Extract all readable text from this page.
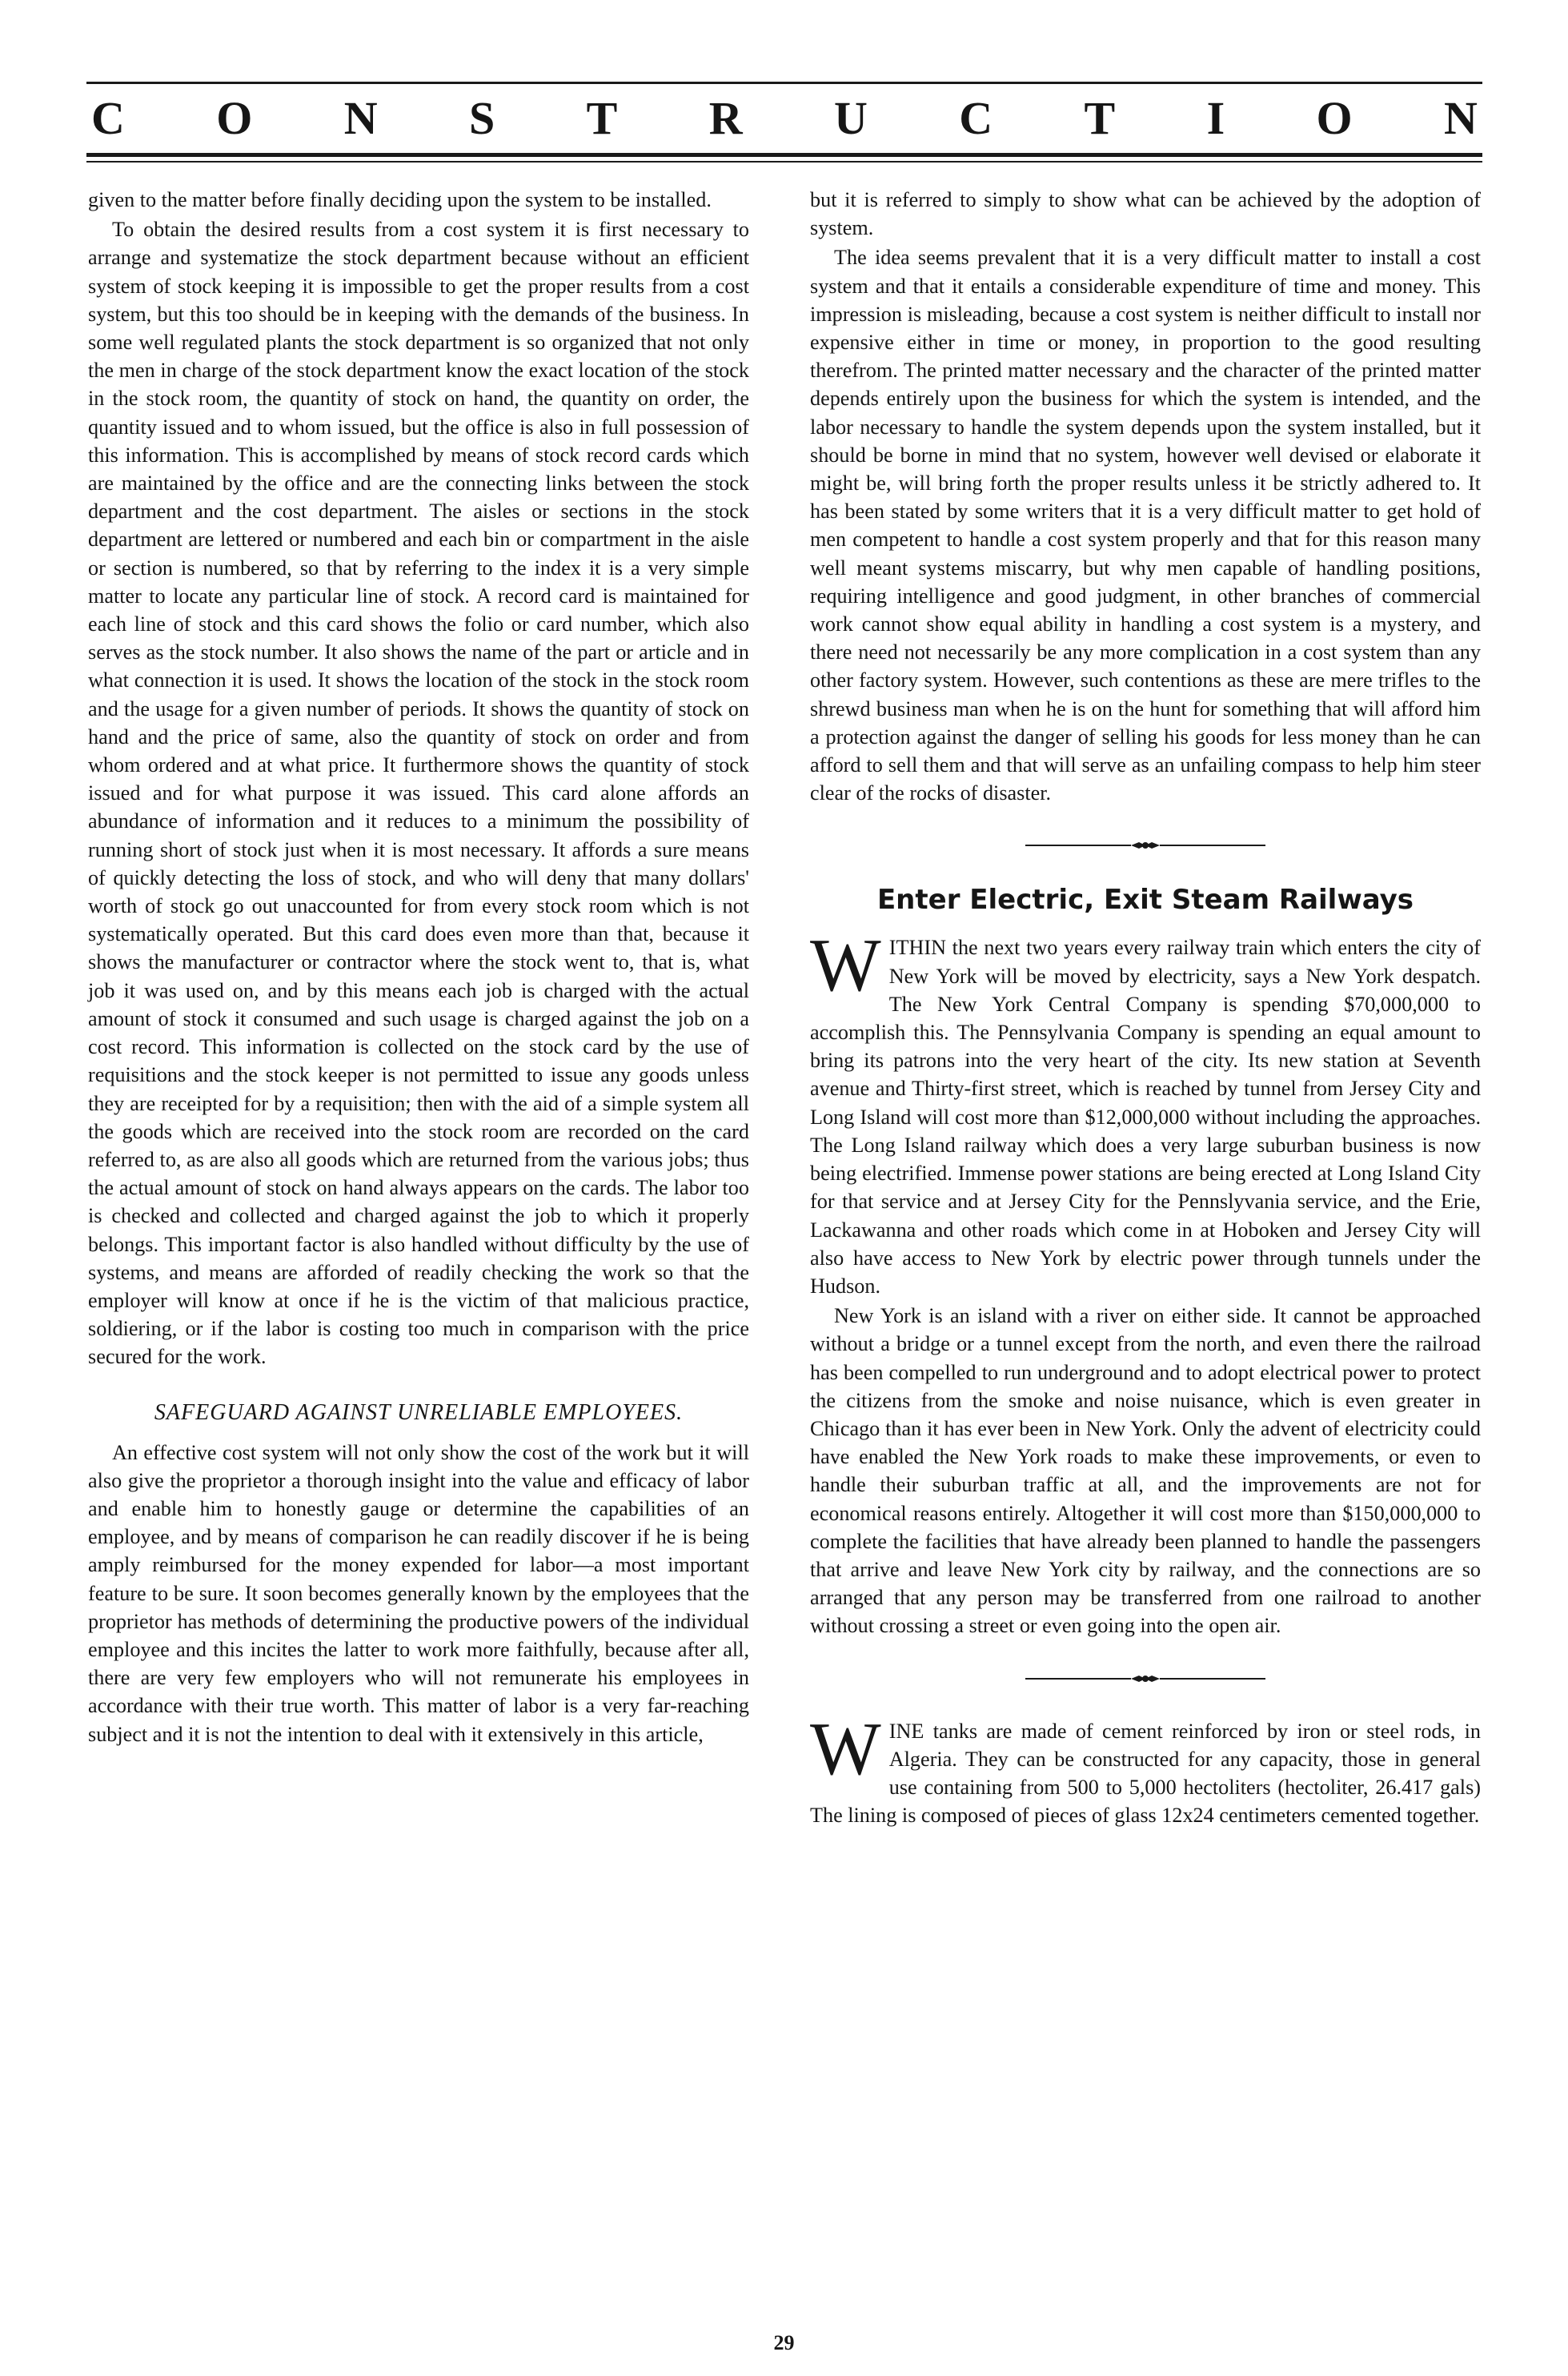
C O N S T R U C T I O N

given to the matter before finally deciding upon the system to be installed.

To obtain the desired results from a cost system it is first necessary to arrange and systematize the stock department because without an efficient system of stock keeping it is impossible to get the proper results from a cost system, but this too should be in keeping with the demands of the business. In some well regulated plants the stock department is so organized that not only the men in charge of the stock department know the exact location of the stock in the stock room, the quantity of stock on hand, the quantity on order, the quantity issued and to whom issued, but the office is also in full possession of this information. This is accomplished by means of stock record cards which are maintained by the office and are the connecting links between the stock department and the cost department. The aisles or sections in the stock department are lettered or numbered and each bin or compartment in the aisle or section is numbered, so that by referring to the index it is a very simple matter to locate any particular line of stock. A record card is maintained for each line of stock and this card shows the folio or card number, which also serves as the stock number. It also shows the name of the part or article and in what connection it is used. It shows the location of the stock in the stock room and the usage for a given number of periods. It shows the quantity of stock on hand and the price of same, also the quantity of stock on order and from whom ordered and at what price. It furthermore shows the quantity of stock issued and for what purpose it was issued. This card alone affords an abundance of information and it reduces to a minimum the possibility of running short of stock just when it is most necessary. It affords a sure means of quickly detecting the loss of stock, and who will deny that many dollars' worth of stock go out unaccounted for from every stock room which is not systematically operated. But this card does even more than that, because it shows the manufacturer or contractor where the stock went to, that is, what job it was used on, and by this means each job is charged with the actual amount of stock it consumed and such usage is charged against the job on a cost record. This information is collected on the stock card by the use of requisitions and the stock keeper is not permitted to issue any goods unless they are receipted for by a requisition; then with the aid of a simple system all the goods which are received into the stock room are recorded on the card referred to, as are also all goods which are returned from the various jobs; thus the actual amount of stock on hand always appears on the cards. The labor too is checked and collected and charged against the job to which it properly belongs. This important factor is also handled without difficulty by the use of systems, and means are afforded of readily checking the work so that the employer will know at once if he is the victim of that malicious practice, soldiering, or if the labor is costing too much in comparison with the price secured for the work.

SAFEGUARD AGAINST UNRELIABLE EMPLOYEES.

An effective cost system will not only show the cost of the work but it will also give the proprietor a thorough insight into the value and efficacy of labor and enable him to honestly gauge or determine the capabilities of an employee, and by means of comparison he can readily discover if he is being amply reimbursed for the money expended for labor—a most important feature to be sure. It soon becomes generally known by the employees that the proprietor has methods of determining the productive powers of the individual employee and this incites the latter to work more faithfully, because after all, there are very few employers who will not remunerate his employees in accordance with their true worth. This matter of labor is a very far-reaching subject and it is not the intention to deal with it extensively in this article,

but it is referred to simply to show what can be achieved by the adoption of system.

The idea seems prevalent that it is a very difficult matter to install a cost system and that it entails a considerable expenditure of time and money. This impression is misleading, because a cost system is neither difficult to install nor expensive either in time or money, in proportion to the good resulting therefrom. The printed matter necessary and the character of the printed matter depends entirely upon the business for which the system is intended, and the labor necessary to handle the system depends upon the system installed, but it should be borne in mind that no system, however well devised or elaborate it might be, will bring forth the proper results unless it be strictly adhered to. It has been stated by some writers that it is a very difficult matter to get hold of men competent to handle a cost system properly and that for this reason many well meant systems miscarry, but why men capable of handling positions, requiring intelligence and good judgment, in other branches of commercial work cannot show equal ability in handling a cost system is a mystery, and there need not necessarily be any more complication in a cost system than any other factory system. However, such contentions as these are mere trifles to the shrewd business man when he is on the hunt for something that will afford him a protection against the danger of selling his goods for less money than he can afford to sell them and that will serve as an unfailing compass to help him steer clear of the rocks of disaster.

Enter Electric, Exit Steam Railways

WITHIN the next two years every railway train which enters the city of New York will be moved by electricity, says a New York despatch. The New York Central Company is spending $70,000,000 to accomplish this. The Pennsylvania Company is spending an equal amount to bring its patrons into the very heart of the city. Its new station at Seventh avenue and Thirty-first street, which is reached by tunnel from Jersey City and Long Island will cost more than $12,000,000 without including the approaches. The Long Island railway which does a very large suburban business is now being electrified. Immense power stations are being erected at Long Island City for that service and at Jersey City for the Pennslyvania service, and the Erie, Lackawanna and other roads which come in at Hoboken and Jersey City will also have access to New York by electric power through tunnels under the Hudson.

New York is an island with a river on either side. It cannot be approached without a bridge or a tunnel except from the north, and even there the railroad has been compelled to run underground and to adopt electrical power to protect the citizens from the smoke and noise nuisance, which is even greater in Chicago than it has ever been in New York. Only the advent of electricity could have enabled the New York roads to make these improvements, or even to handle their suburban traffic at all, and the improvements are not for economical reasons entirely. Altogether it will cost more than $150,000,000 to complete the facilities that have already been planned to handle the passengers that arrive and leave New York city by railway, and the connections are so arranged that any person may be transferred from one railroad to another without crossing a street or even going into the open air.

WINE tanks are made of cement reinforced by iron or steel rods, in Algeria. They can be constructed for any capacity, those in general use containing from 500 to 5,000 hectoliters (hectoliter, 26.417 gals) The lining is composed of pieces of glass 12x24 centimeters cemented together.

29
